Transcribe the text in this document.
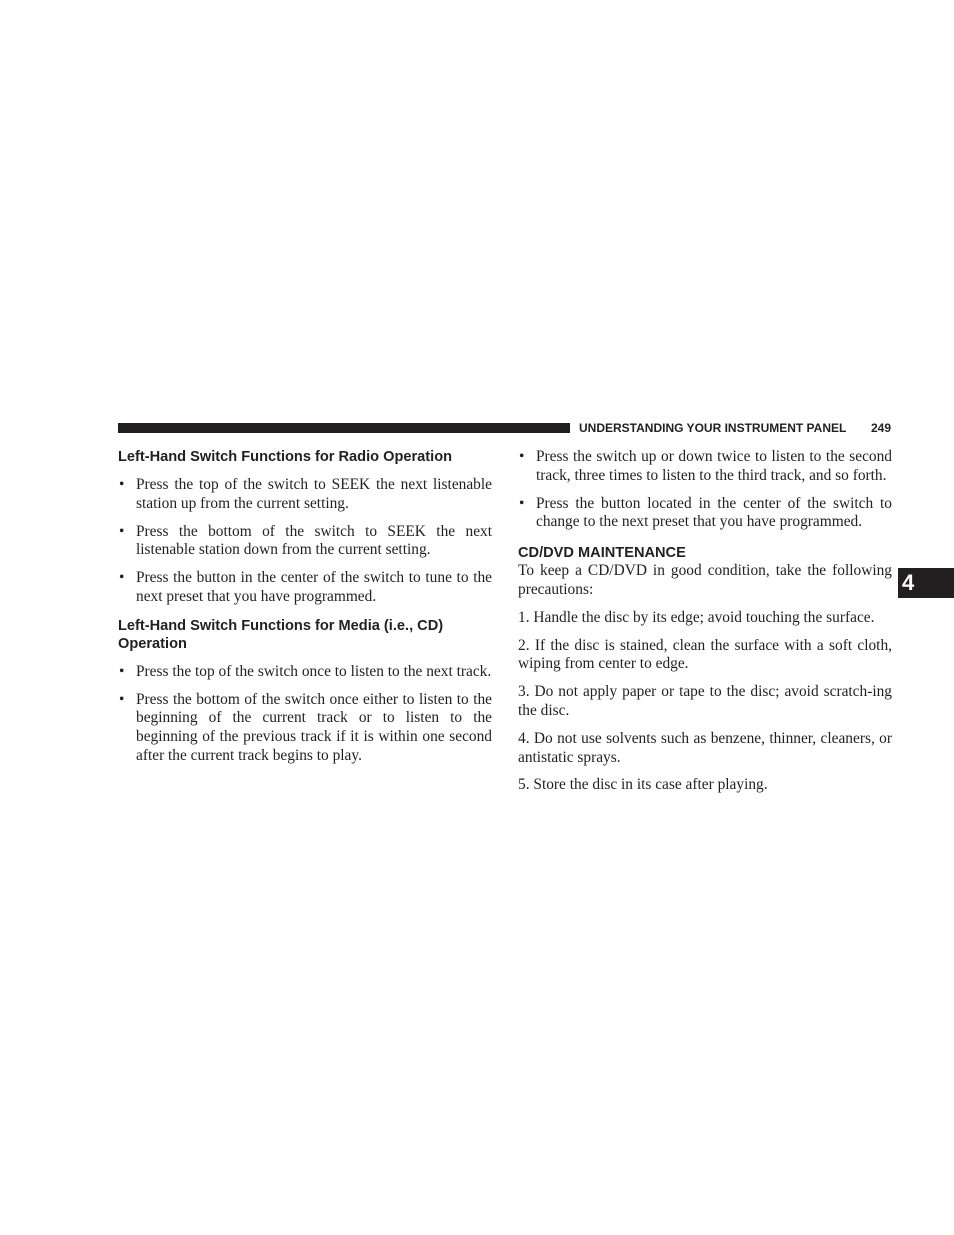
UNDERSTANDING YOUR INSTRUMENT PANEL 249
4
Left-Hand Switch Functions for Radio Operation
• Press the top of the switch to SEEK the next listenable station up from the current setting.
• Press the bottom of the switch to SEEK the next listenable station down from the current setting.
• Press the button in the center of the switch to tune to the next preset that you have programmed.
Left-Hand Switch Functions for Media (i.e., CD) Operation
• Press the top of the switch once to listen to the next track.
• Press the bottom of the switch once either to listen to the beginning of the current track or to listen to the beginning of the previous track if it is within one second after the current track begins to play.
• Press the switch up or down twice to listen to the second track, three times to listen to the third track, and so forth.
• Press the button located in the center of the switch to change to the next preset that you have programmed.
CD/DVD MAINTENANCE

To keep a CD/DVD in good condition, take the following precautions:

1. Handle the disc by its edge; avoid touching the surface.
2. If the disc is stained, clean the surface with a soft cloth, wiping from center to edge.
3. Do not apply paper or tape to the disc; avoid scratch-ing the disc.
4. Do not use solvents such as benzene, thinner, cleaners, or antistatic sprays.
5. Store the disc in its case after playing.
